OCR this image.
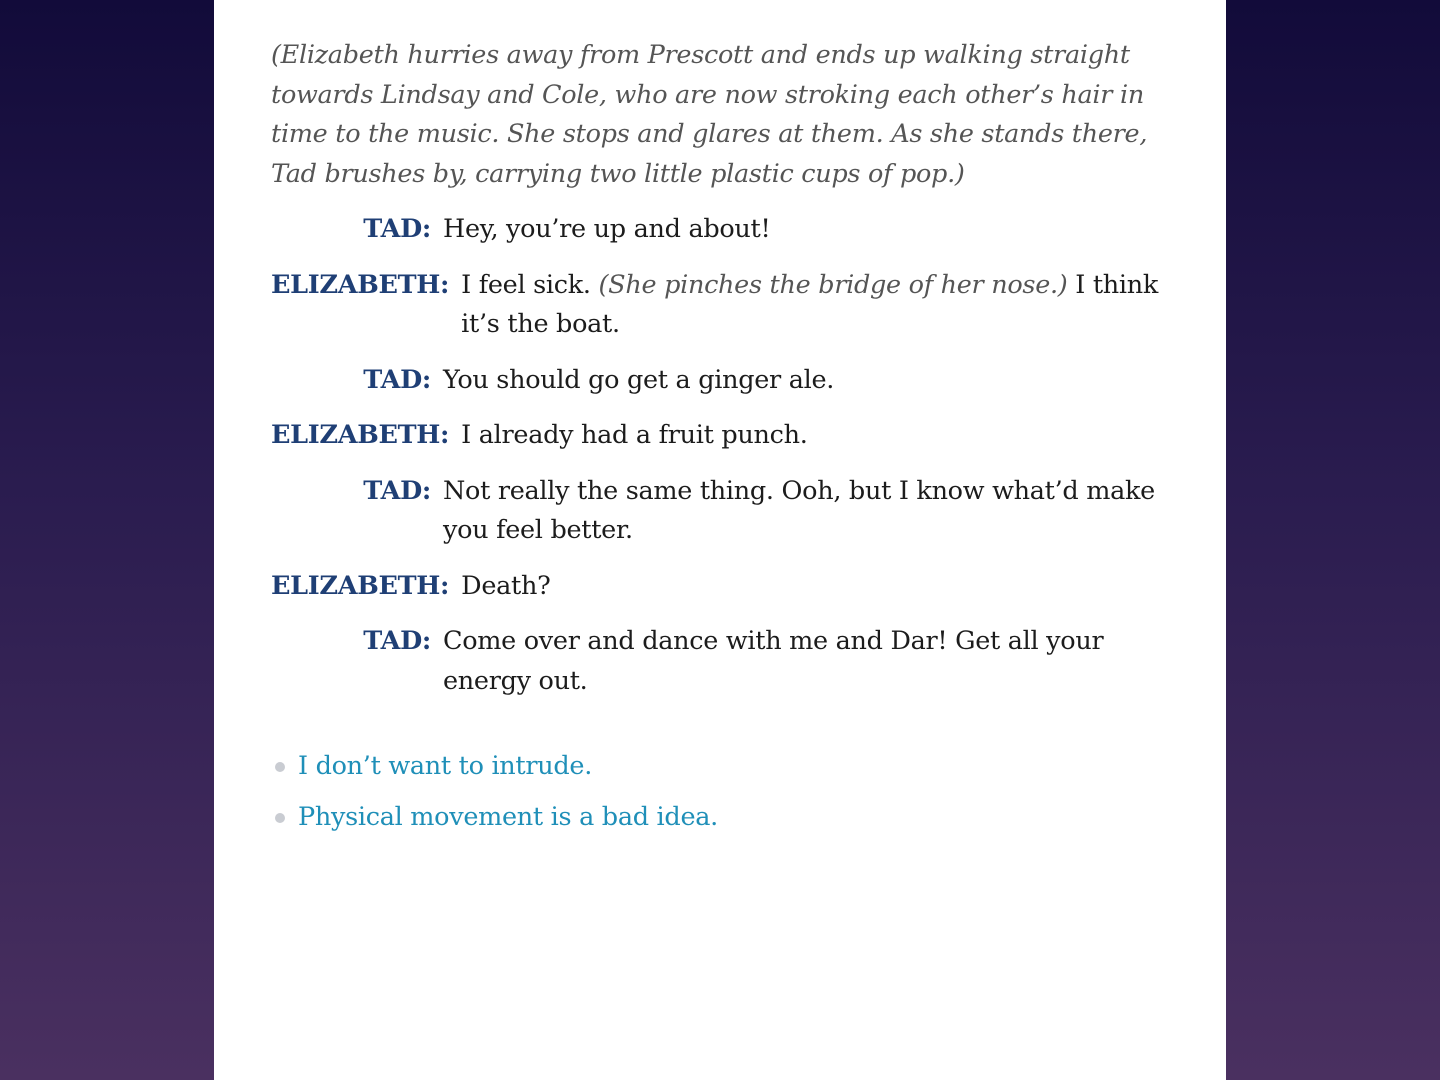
(Elizabeth hurries away from Prescott and ends up walking straight towards Lindsay and Cole, who are now stroking each other’s hair in time to the music. She stops and glares at them. As she stands there, Tad brushes by, carrying two little plastic cups of pop.)

TAD: Hey, you’re up and about!
ELIZABETH: I feel sick. (She pinches the bridge of her nose.) I think it’s the boat.
TAD: You should go get a ginger ale.
ELIZABETH: I already had a fruit punch.
TAD: Not really the same thing. Ooh, but I know what’d make you feel better.
ELIZABETH: Death?
TAD: Come over and dance with me and Dar! Get all your energy out.
I don’t want to intrude.
Physical movement is a bad idea.
